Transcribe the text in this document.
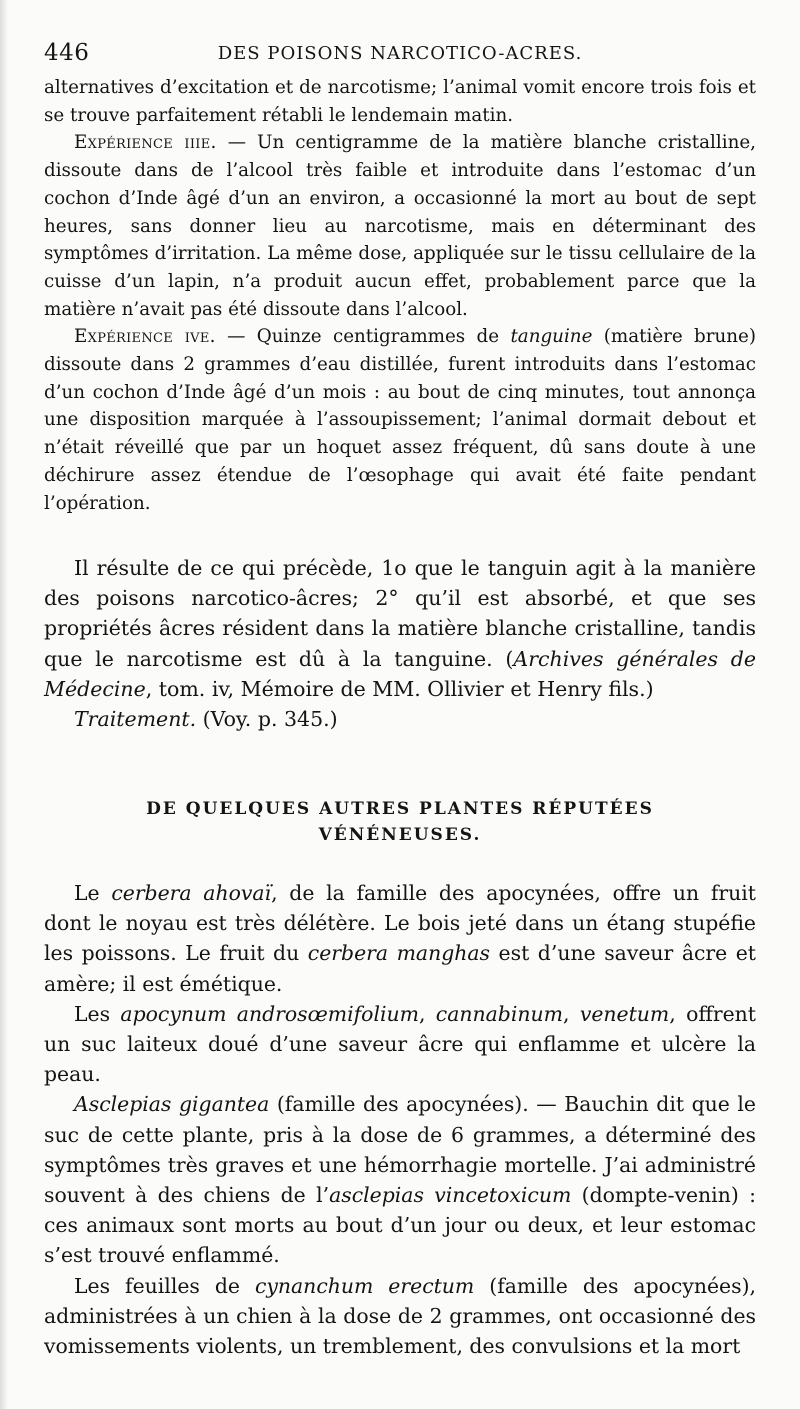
446	DES POISONS NARCOTICO-ACRES.

alternatives d’excitation et de narcotisme; l’animal vomit encore trois fois et se trouve parfaitement rétabli le lendemain matin.

Expérience iiie. — Un centigramme de la matière blanche cristalline, dissoute dans de l’alcool très faible et introduite dans l’estomac d’un cochon d’Inde âgé d’un an environ, a occasionné la mort au bout de sept heures, sans donner lieu au narcotisme, mais en déterminant des symptômes d’irritation. La même dose, appliquée sur le tissu cellulaire de la cuisse d’un lapin, n’a produit aucun effet, probablement parce que la matière n’avait pas été dissoute dans l’alcool.

Expérience ive. — Quinze centigrammes de tanguine (matière brune) dissoute dans 2 grammes d’eau distillée, furent introduits dans l’estomac d’un cochon d’Inde âgé d’un mois : au bout de cinq minutes, tout annonça une disposition marquée à l’assoupissement; l’animal dormait debout et n’était réveillé que par un hoquet assez fréquent, dû sans doute à une déchirure assez étendue de l’œsophage qui avait été faite pendant l’opération.

Il résulte de ce qui précède, 1o que le tanguin agit à la manière des poisons narcotico-âcres; 2° qu’il est absorbé, et que ses propriétés âcres résident dans la matière blanche cristalline, tandis que le narcotisme est dû à la tanguine. (Archives générales de Médecine, tom. iv, Mémoire de MM. Ollivier et Henry fils.)

Traitement. (Voy. p. 345.)

DE QUELQUES AUTRES PLANTES RÉPUTÉES
VÉNÉNEUSES.

Le cerbera ahovaï, de la famille des apocynées, offre un fruit dont le noyau est très délétère. Le bois jeté dans un étang stupéfie les poissons. Le fruit du cerbera manghas est d’une saveur âcre et amère; il est émétique.

Les apocynum androsœmifolium, cannabinum, venetum, offrent un suc laiteux doué d’une saveur âcre qui enflamme et ulcère la peau.

Asclepias gigantea (famille des apocynées). — Bauchin dit que le suc de cette plante, pris à la dose de 6 grammes, a déterminé des symptômes très graves et une hémorrhagie mortelle. J’ai administré souvent à des chiens de l’asclepias vincetoxicum (dompte-venin) : ces animaux sont morts au bout d’un jour ou deux, et leur estomac s’est trouvé enflammé.

Les feuilles de cynanchum erectum (famille des apocynées), administrées à un chien à la dose de 2 grammes, ont occasionné des vomissements violents, un tremblement, des convulsions et la mort
